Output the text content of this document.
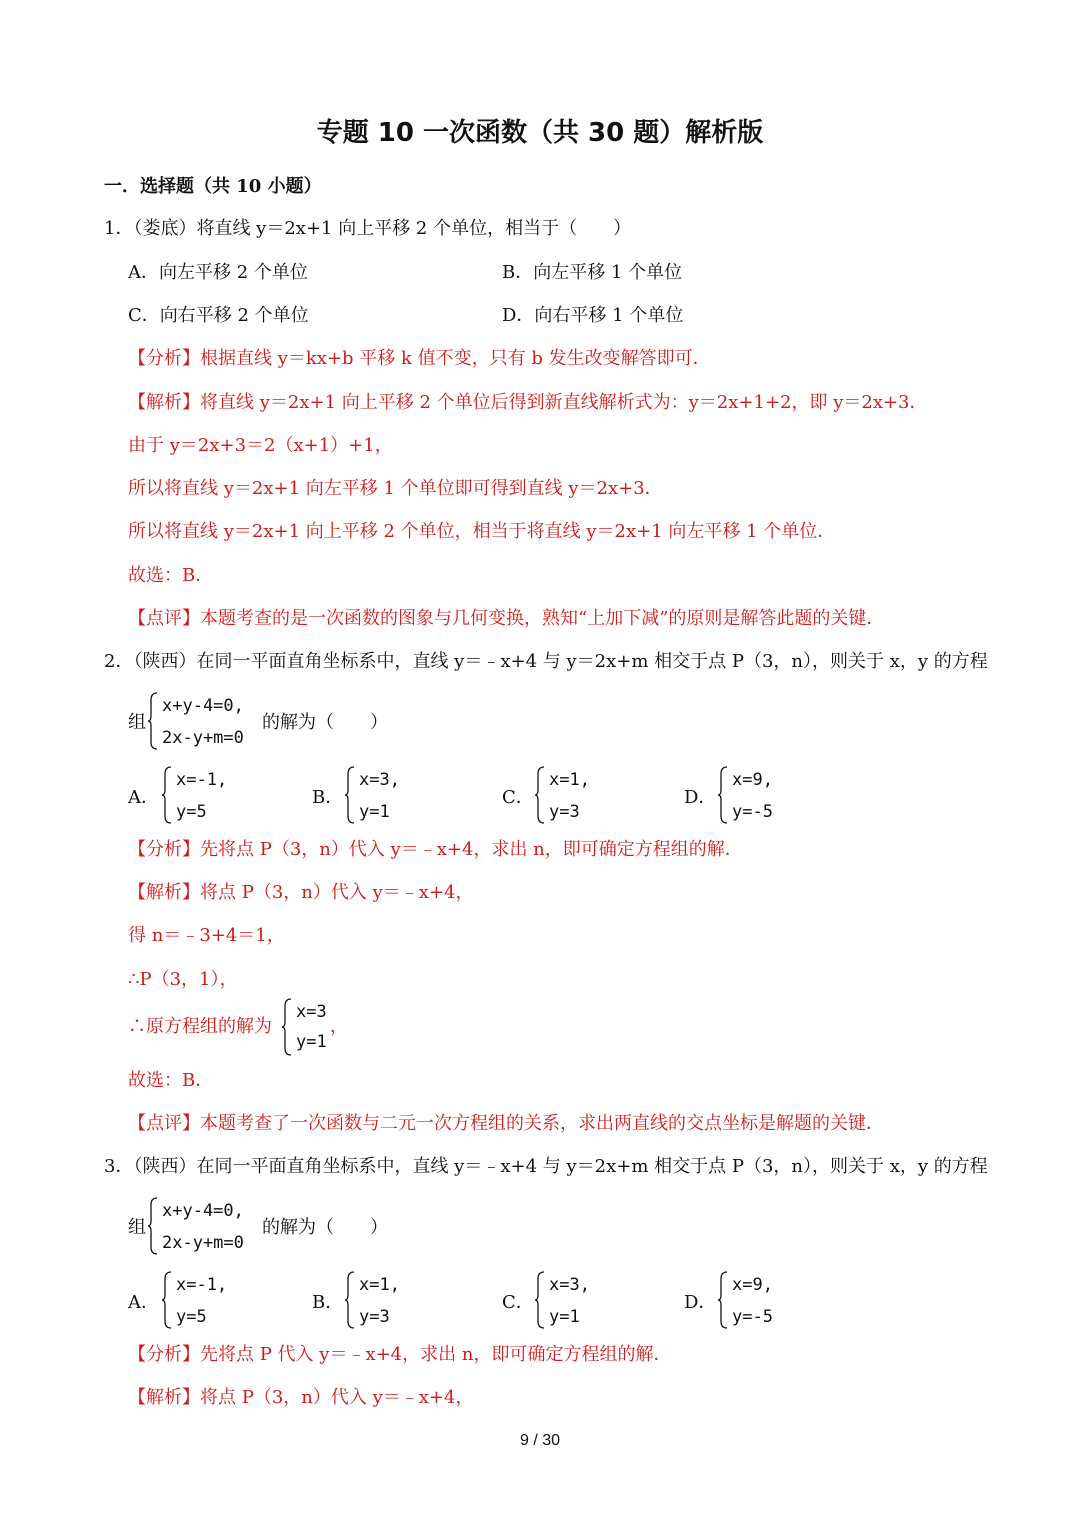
专题 10 一次函数（共 30 题）解析版
一．选择题（共 10 小题）
1．（娄底）将直线 y＝2x+1 向上平移 2 个单位，相当于（　　）
A．向左平移 2 个单位	B．向左平移 1 个单位
C．向右平移 2 个单位	D．向右平移 1 个单位
【分析】根据直线 y＝kx+b 平移 k 值不变，只有 b 发生改变解答即可．
【解析】将直线 y＝2x+1 向上平移 2 个单位后得到新直线解析式为：y＝2x+1+2，即 y＝2x+3．
由于 y＝2x+3＝2（x+1）+1，
所以将直线 y＝2x+1 向左平移 1 个单位即可得到直线 y＝2x+3．
所以将直线 y＝2x+1 向上平移 2 个单位，相当于将直线 y＝2x+1 向左平移 1 个单位．
故选：B．
【点评】本题考查的是一次函数的图象与几何变换，熟知“上加下减”的原则是解答此题的关键．
2．（陕西）在同一平面直角坐标系中，直线 y＝﹣x+4 与 y＝2x+m 相交于点 P（3，n），则关于 x，y 的方程
组
x+y-4=0,
2x-y+m=0
的解为（　　）
A．
x=-1,
y=5
B．
x=3,
y=1
C．
x=1,
y=3
D．
x=9,
y=-5
【分析】先将点 P（3，n）代入 y＝﹣x+4，求出 n，即可确定方程组的解．
【解析】将点 P（3，n）代入 y＝﹣x+4，
得 n＝﹣3+4＝1，
∴P（3，1），
∴原方程组的解为
x=3
y=1
，
故选：B．
【点评】本题考查了一次函数与二元一次方程组的关系，求出两直线的交点坐标是解题的关键．
3．（陕西）在同一平面直角坐标系中，直线 y＝﹣x+4 与 y＝2x+m 相交于点 P（3，n），则关于 x，y 的方程
组
x+y-4=0,
2x-y+m=0
的解为（　　）
A．
x=-1,
y=5
B．
x=1,
y=3
C．
x=3,
y=1
D．
x=9,
y=-5
【分析】先将点 P 代入 y＝﹣x+4，求出 n，即可确定方程组的解．
【解析】将点 P（3，n）代入 y＝﹣x+4，
9 / 30
